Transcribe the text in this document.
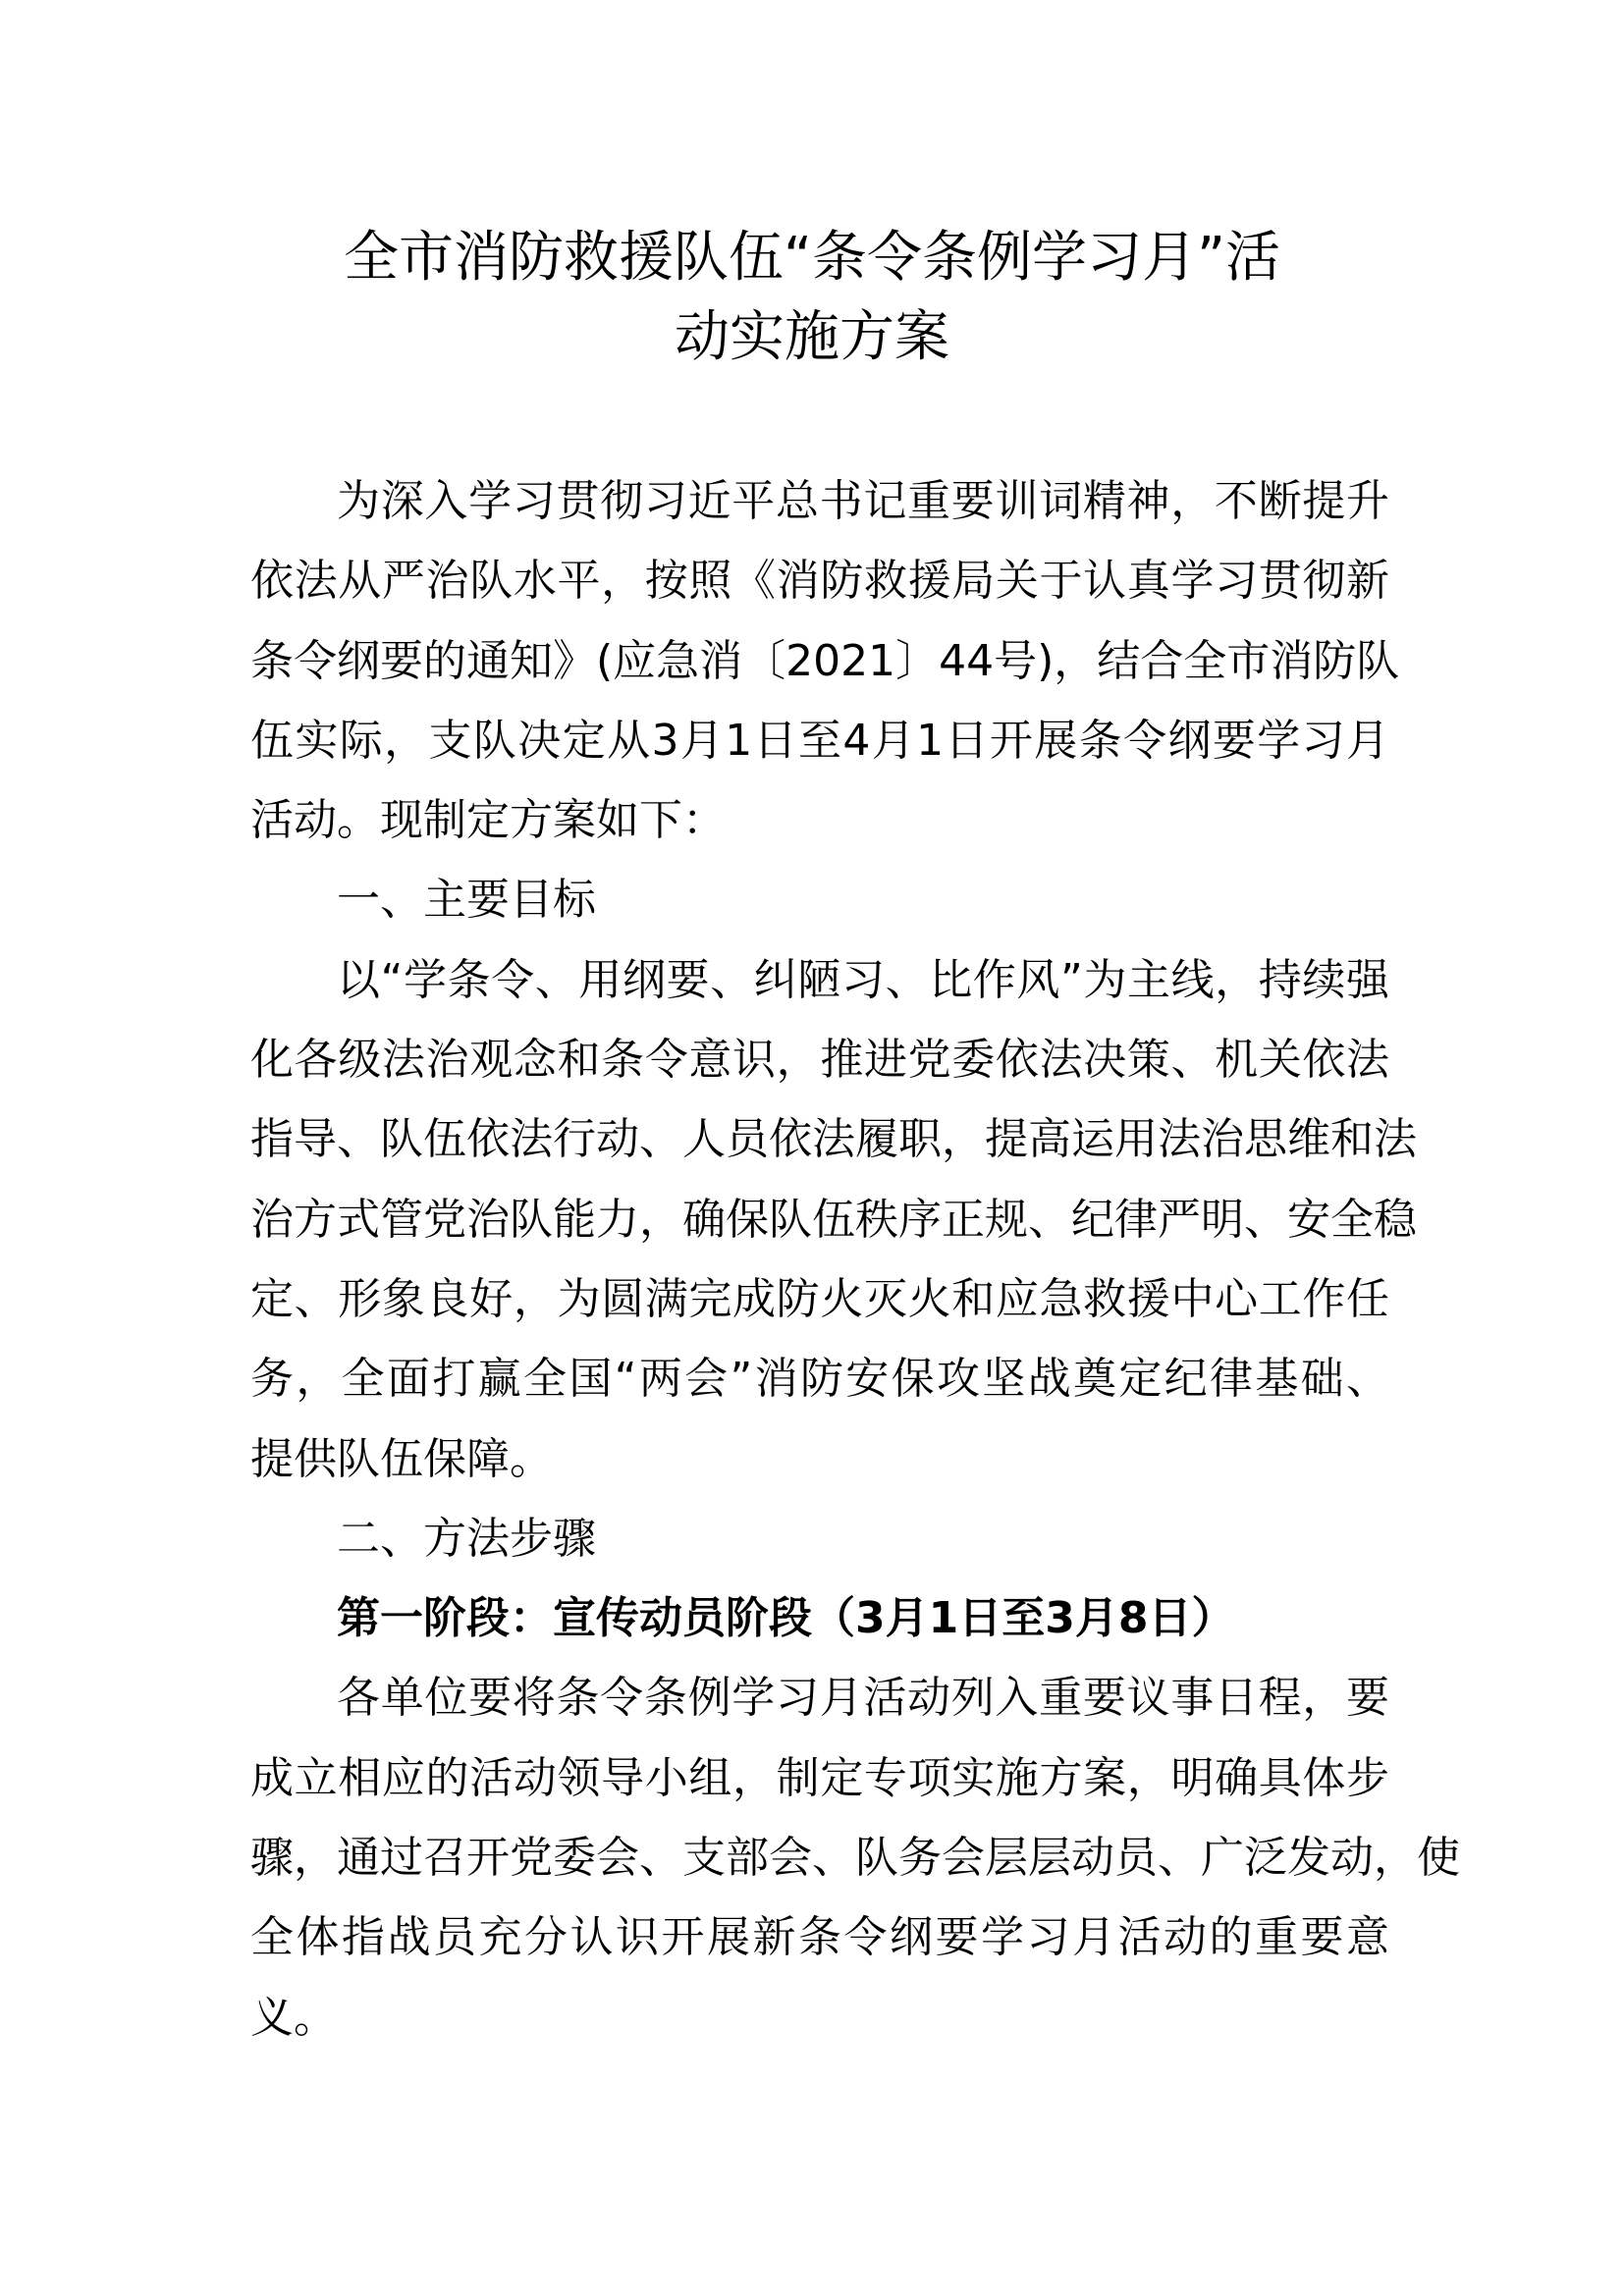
全市消防救援队伍“条令条例学习月”活
动实施方案
为深入学习贯彻习近平总书记重要训词精神，不断提升
依法从严治队水平，按照《消防救援局关于认真学习贯彻新
条令纲要的通知》(应急消〔2021〕44号)，结合全市消防队
伍实际，支队决定从3月1日至4月1日开展条令纲要学习月
活动。现制定方案如下：
一、主要目标
以“学条令、用纲要、纠陋习、比作风”为主线，持续强
化各级法治观念和条令意识，推进党委依法决策、机关依法
指导、队伍依法行动、人员依法履职，提高运用法治思维和法
治方式管党治队能力，确保队伍秩序正规、纪律严明、安全稳
定、形象良好，为圆满完成防火灭火和应急救援中心工作任
务，全面打赢全国“两会”消防安保攻坚战奠定纪律基础、
提供队伍保障。
二、方法步骤
第一阶段：宣传动员阶段（3月1日至3月8日）
各单位要将条令条例学习月活动列入重要议事日程，要
成立相应的活动领导小组，制定专项实施方案，明确具体步
骤，通过召开党委会、支部会、队务会层层动员、广泛发动，使
全体指战员充分认识开展新条令纲要学习月活动的重要意
义。
